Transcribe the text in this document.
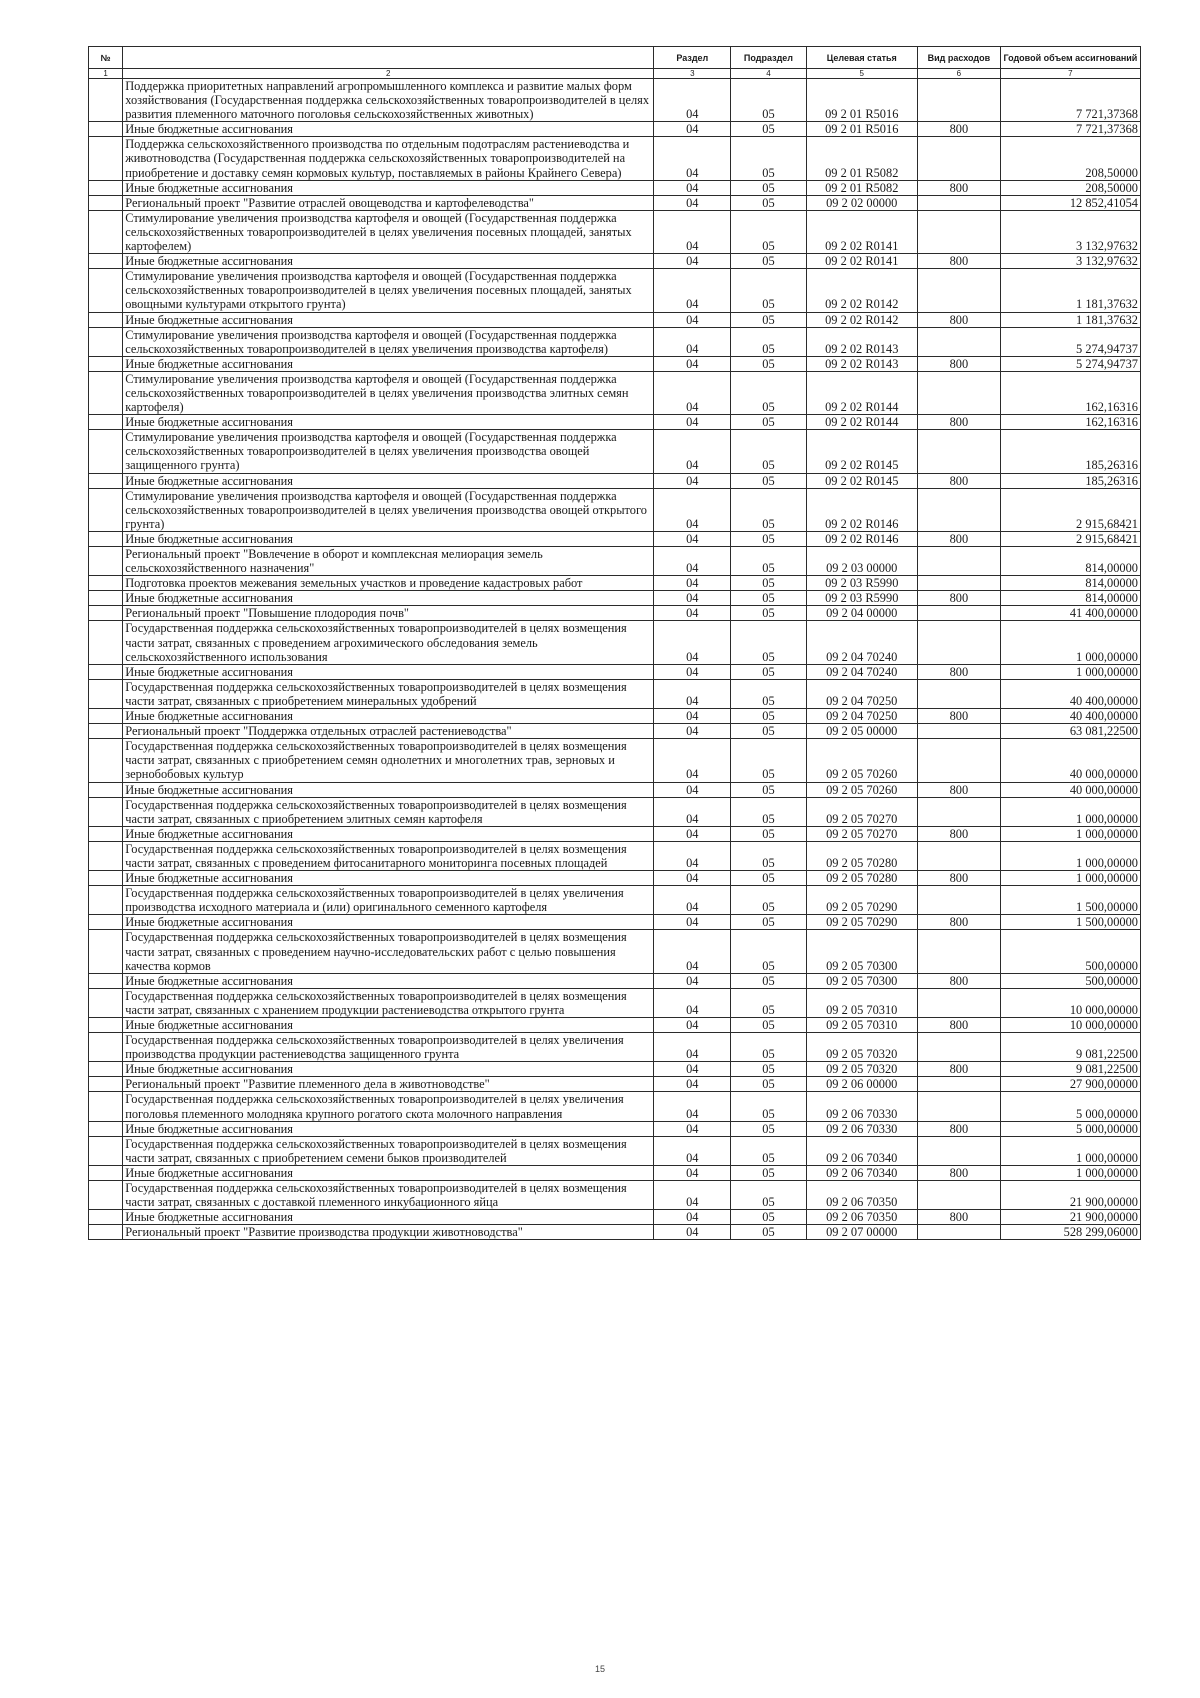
№		Раздел	Подраздел	Целевая статья	Вид расходов	Годовой объем ассигнований
1	2	3	4	5	6	7
	Поддержка приоритетных направлений агропромышленного комплекса и развитие малых форм хозяйствования (Государственная поддержка сельскохозяйственных товаропроизводителей в целях развития племенного маточного поголовья сельскохозяйственных животных)	04	05	09 2 01 R5016		7 721,37368
	Иные бюджетные ассигнования	04	05	09 2 01 R5016	800	7 721,37368
	Поддержка сельскохозяйственного производства по отдельным подотраслям растениеводства и животноводства (Государственная поддержка сельскохозяйственных товаропроизводителей на приобретение и доставку семян кормовых культур, поставляемых в районы Крайнего Севера)	04	05	09 2 01 R5082		208,50000
	Иные бюджетные ассигнования	04	05	09 2 01 R5082	800	208,50000
	Региональный проект "Развитие отраслей овощеводства и картофелеводства"	04	05	09 2 02 00000		12 852,41054
	Стимулирование увеличения производства картофеля и овощей (Государственная поддержка сельскохозяйственных товаропроизводителей в целях увеличения посевных площадей, занятых картофелем)	04	05	09 2 02 R0141		3 132,97632
	Иные бюджетные ассигнования	04	05	09 2 02 R0141	800	3 132,97632
	Стимулирование увеличения производства картофеля и овощей (Государственная поддержка сельскохозяйственных товаропроизводителей в целях увеличения посевных площадей, занятых овощными культурами открытого грунта)	04	05	09 2 02 R0142		1 181,37632
	Иные бюджетные ассигнования	04	05	09 2 02 R0142	800	1 181,37632
	Стимулирование увеличения производства картофеля и овощей (Государственная поддержка сельскохозяйственных товаропроизводителей в целях увеличения производства картофеля)	04	05	09 2 02 R0143		5 274,94737
	Иные бюджетные ассигнования	04	05	09 2 02 R0143	800	5 274,94737
	Стимулирование увеличения производства картофеля и овощей (Государственная поддержка сельскохозяйственных товаропроизводителей в целях увеличения производства элитных семян картофеля)	04	05	09 2 02 R0144		162,16316
	Иные бюджетные ассигнования	04	05	09 2 02 R0144	800	162,16316
	Стимулирование увеличения производства картофеля и овощей (Государственная поддержка сельскохозяйственных товаропроизводителей в целях увеличения производства овощей защищенного грунта)	04	05	09 2 02 R0145		185,26316
	Иные бюджетные ассигнования	04	05	09 2 02 R0145	800	185,26316
	Стимулирование увеличения производства картофеля и овощей (Государственная поддержка сельскохозяйственных товаропроизводителей в целях увеличения производства овощей открытого грунта)	04	05	09 2 02 R0146		2 915,68421
	Иные бюджетные ассигнования	04	05	09 2 02 R0146	800	2 915,68421
	Региональный проект "Вовлечение в оборот и комплексная мелиорация земель сельскохозяйственного назначения"	04	05	09 2 03 00000		814,00000
	Подготовка проектов межевания земельных участков и проведение кадастровых работ	04	05	09 2 03 R5990		814,00000
	Иные бюджетные ассигнования	04	05	09 2 03 R5990	800	814,00000
	Региональный проект "Повышение плодородия почв"	04	05	09 2 04 00000		41 400,00000
	Государственная поддержка сельскохозяйственных товаропроизводителей в целях возмещения части затрат, связанных с проведением агрохимического обследования земель сельскохозяйственного использования	04	05	09 2 04 70240		1 000,00000
	Иные бюджетные ассигнования	04	05	09 2 04 70240	800	1 000,00000
	Государственная поддержка сельскохозяйственных товаропроизводителей в целях возмещения части затрат, связанных с приобретением минеральных удобрений	04	05	09 2 04 70250		40 400,00000
	Иные бюджетные ассигнования	04	05	09 2 04 70250	800	40 400,00000
	Региональный проект "Поддержка отдельных отраслей растениеводства"	04	05	09 2 05 00000		63 081,22500
	Государственная поддержка сельскохозяйственных товаропроизводителей в целях возмещения части затрат, связанных с приобретением семян однолетних и многолетних трав, зерновых и зернобобовых культур	04	05	09 2 05 70260		40 000,00000
	Иные бюджетные ассигнования	04	05	09 2 05 70260	800	40 000,00000
	Государственная поддержка сельскохозяйственных товаропроизводителей в целях возмещения части затрат, связанных с приобретением элитных семян картофеля	04	05	09 2 05 70270		1 000,00000
	Иные бюджетные ассигнования	04	05	09 2 05 70270	800	1 000,00000
	Государственная поддержка сельскохозяйственных товаропроизводителей в целях возмещения части затрат, связанных с проведением фитосанитарного мониторинга посевных площадей	04	05	09 2 05 70280		1 000,00000
	Иные бюджетные ассигнования	04	05	09 2 05 70280	800	1 000,00000
	Государственная поддержка сельскохозяйственных товаропроизводителей в целях увеличения производства исходного материала и (или) оригинального семенного картофеля	04	05	09 2 05 70290		1 500,00000
	Иные бюджетные ассигнования	04	05	09 2 05 70290	800	1 500,00000
	Государственная поддержка сельскохозяйственных товаропроизводителей в целях возмещения части затрат, связанных с проведением научно-исследовательских работ с целью повышения качества кормов	04	05	09 2 05 70300		500,00000
	Иные бюджетные ассигнования	04	05	09 2 05 70300	800	500,00000
	Государственная поддержка сельскохозяйственных товаропроизводителей в целях возмещения части затрат, связанных с хранением продукции растениеводства открытого грунта	04	05	09 2 05 70310		10 000,00000
	Иные бюджетные ассигнования	04	05	09 2 05 70310	800	10 000,00000
	Государственная поддержка сельскохозяйственных товаропроизводителей в целях увеличения производства продукции растениеводства защищенного грунта	04	05	09 2 05 70320		9 081,22500
	Иные бюджетные ассигнования	04	05	09 2 05 70320	800	9 081,22500
	Региональный проект "Развитие племенного дела в животноводстве"	04	05	09 2 06 00000		27 900,00000
	Государственная поддержка сельскохозяйственных товаропроизводителей в целях увеличения поголовья племенного молодняка крупного рогатого скота молочного направления	04	05	09 2 06 70330		5 000,00000
	Иные бюджетные ассигнования	04	05	09 2 06 70330	800	5 000,00000
	Государственная поддержка сельскохозяйственных товаропроизводителей в целях возмещения части затрат, связанных с приобретением семени быков производителей	04	05	09 2 06 70340		1 000,00000
	Иные бюджетные ассигнования	04	05	09 2 06 70340	800	1 000,00000
	Государственная поддержка сельскохозяйственных товаропроизводителей в целях возмещения части затрат, связанных с доставкой племенного инкубационного яйца	04	05	09 2 06 70350		21 900,00000
	Иные бюджетные ассигнования	04	05	09 2 06 70350	800	21 900,00000
	Региональный проект "Развитие производства продукции животноводства"	04	05	09 2 07 00000		528 299,06000
15
